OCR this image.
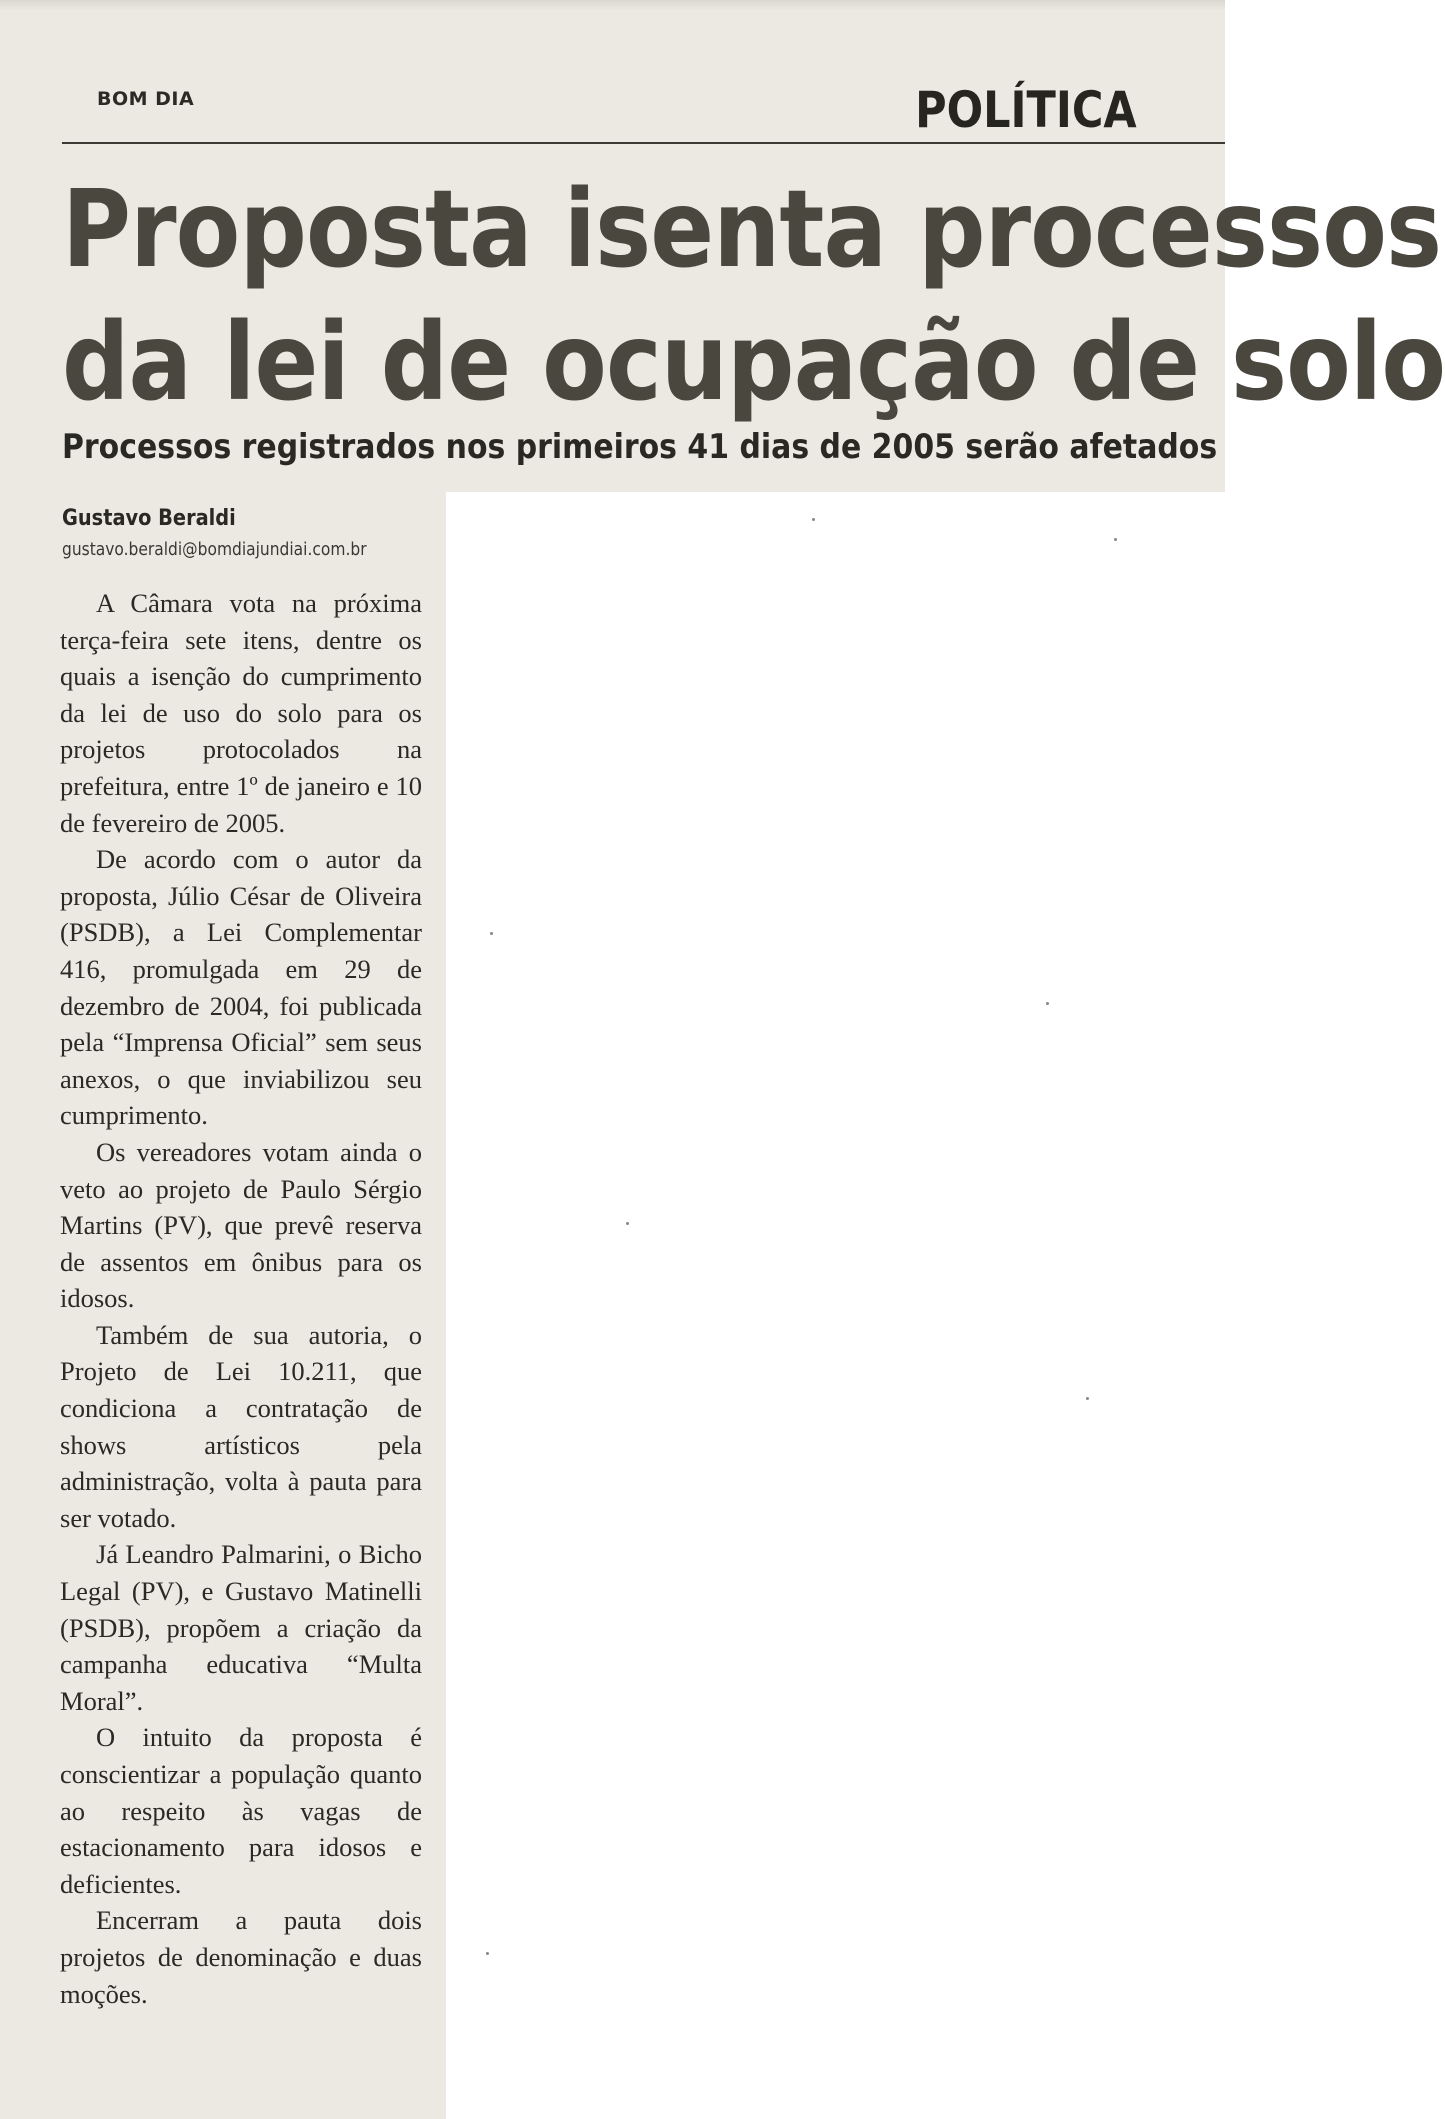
BOM DIA	POLÍTICA
Proposta isenta processos
da lei de ocupação de solo
Processos registrados nos primeiros 41 dias de 2005 serão afetados
Gustavo Beraldi
gustavo.beraldi@bomdiajundiai.com.br

A Câmara vota na próxima terça-feira sete itens, dentre os quais a isenção do cumprimento da lei de uso do solo para os projetos protocolados na prefeitura, entre 1º de janeiro e 10 de fevereiro de 2005.

De acordo com o autor da proposta, Júlio César de Oliveira (PSDB), a Lei Complementar 416, promulgada em 29 de dezembro de 2004, foi publicada pela “Imprensa Oficial” sem seus anexos, o que inviabilizou seu cumprimento.

Os vereadores votam ainda o veto ao projeto de Paulo Sérgio Martins (PV), que prevê reserva de assentos em ônibus para os idosos.

Também de sua autoria, o Projeto de Lei 10.211, que condiciona a contratação de shows artísticos pela administração, volta à pauta para ser votado.

Já Leandro Palmarini, o Bicho Legal (PV), e Gustavo Matinelli (PSDB), propõem a criação da campanha educativa “Multa Moral”.

O intuito da proposta é conscientizar a população quanto ao respeito às vagas de estacionamento para idosos e deficientes.

Encerram a pauta dois projetos de denominação e duas moções.
